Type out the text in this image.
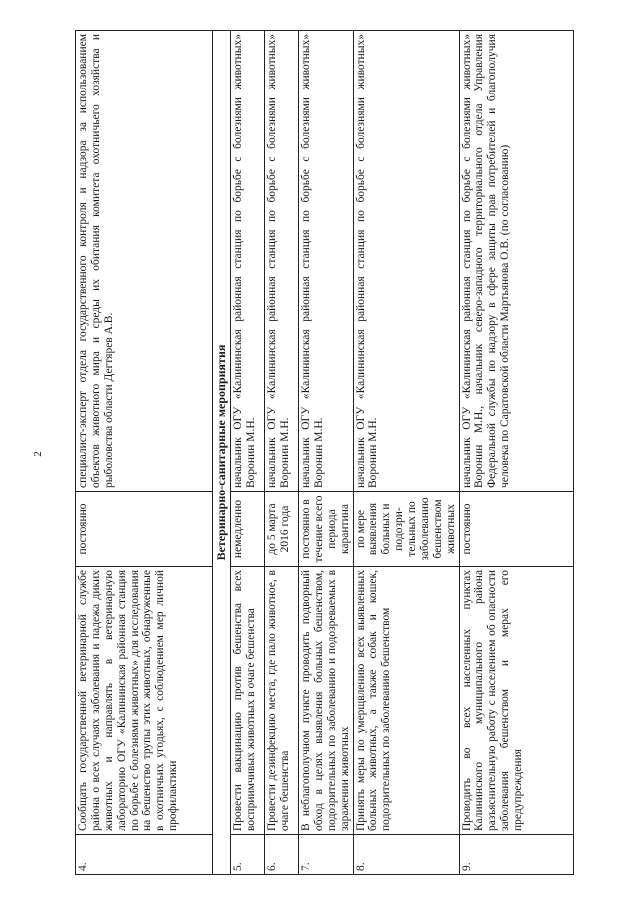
2
4.	Сообщать государственной ветеринарной службе района о всех случаях заболевания и падежа диких животных и направлять в ветеринарную лабораторию ОГУ «Калининская районная станция по борьбе с болезнями животных» для исследования на бешенство трупы этих животных, обнаруженные в охотничьих угодьях, с соблюдением мер личной профилактики	постоянно	специалист-эксперт отдела государственного контроля и надзора за использованием объектов животного мира и среды их обитания комитета охотничьего хозяйства и рыболовства области Дегтярев А.В.
Ветеринарно-санитарные мероприятия			
5.	Провести вакцинацию против бешенства всех восприимчивых животных в очаге бешенства	немедленно	начальник ОГУ «Калининская районная станция по борьбе с болезнями животных» Воронин М.Н.
6.	Провести дезинфекцию места, где пало животное, в очаге бешенства	до 5 марта 2016 года	начальник ОГУ «Калининская районная станция по борьбе с болезнями животных» Воронин М.Н.
7.	В неблагополучном пункте проводить подворный обход в целях выявления больных бешенством, подозрительных по заболеванию и подозреваемых в заражении животных	постоянно в течение всего периода карантина	начальник ОГУ «Калининская районная станция по борьбе с болезнями животных» Воронин М.Н.
8.	Принять меры по умерщвлению всех выявленных больных животных, а также собак и кошек, подозрительных по заболеванию бешенством	по мере выявления больных и подозри-тельных по заболеванию бешенством животных	начальник ОГУ «Калининская районная станция по борьбе с болезнями животных» Воронин М.Н.
9.	Проводить во всех населенных пунктах Калининского муниципального района разъяснительную работу с населением об опасности заболевания бешенством и мерах его предупреждения	постоянно	начальник ОГУ «Калининская районная станция по борьбе с болезнями животных» Воронин М.Н., начальник северо-западного территориального отдела Управления Федеральной службы по надзору в сфере защиты прав потребителей и благополучия человека по Саратовской области Мартьянова О.В. (по согласованию)
